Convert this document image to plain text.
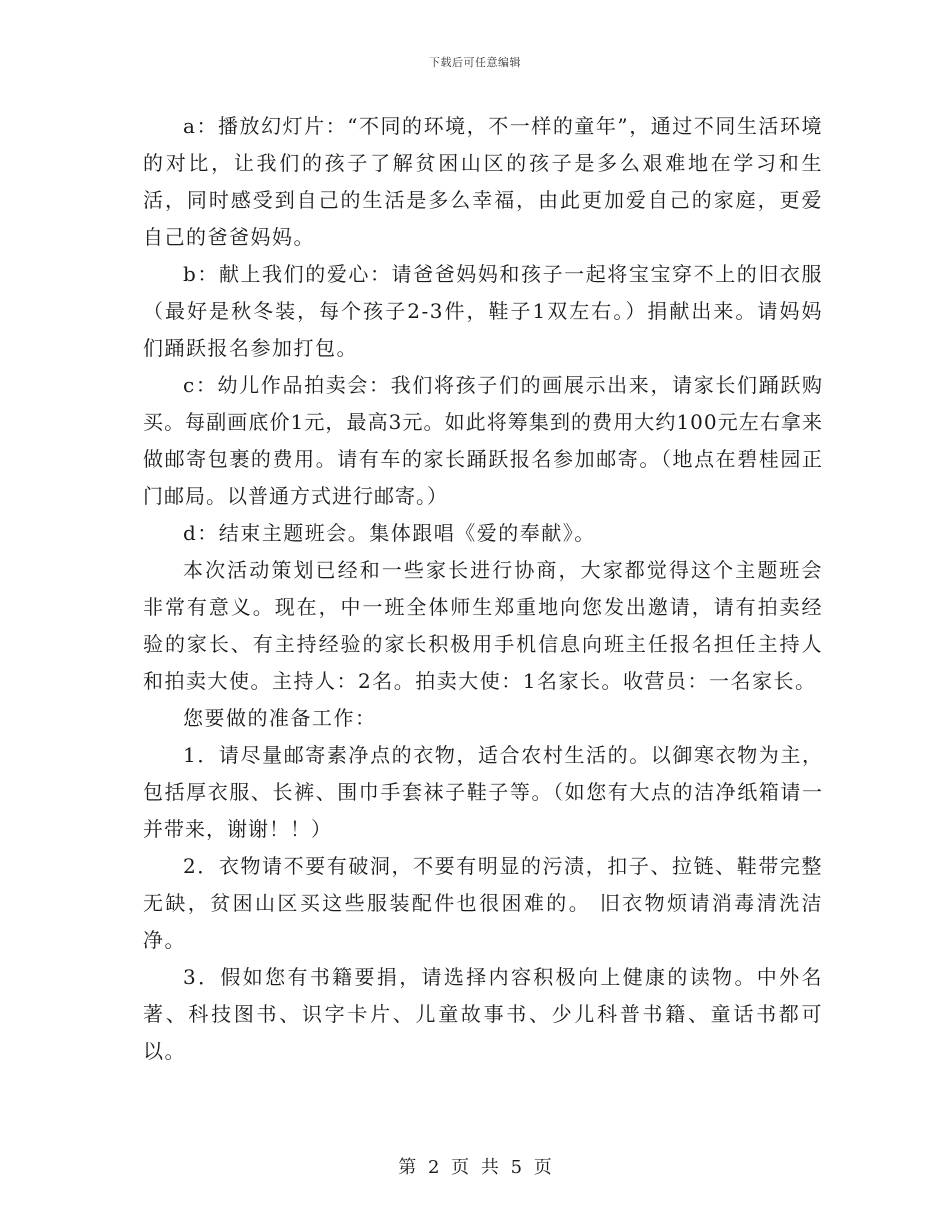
下载后可任意编辑

a：播放幻灯片：“不同的环境，不一样的童年”，通过不同生活环境的对比，让我们的孩子了解贫困山区的孩子是多么艰难地在学习和生活，同时感受到自己的生活是多么幸福，由此更加爱自己的家庭，更爱自己的爸爸妈妈。

b：献上我们的爱心：请爸爸妈妈和孩子一起将宝宝穿不上的旧衣服（最好是秋冬装，每个孩子2-3件，鞋子1双左右。）捐献出来。请妈妈们踊跃报名参加打包。

c：幼儿作品拍卖会：我们将孩子们的画展示出来，请家长们踊跃购买。每副画底价1元，最高3元。如此将筹集到的费用大约100元左右拿来做邮寄包裹的费用。请有车的家长踊跃报名参加邮寄。（地点在碧桂园正门邮局。以普通方式进行邮寄。）

d：结束主题班会。集体跟唱《爱的奉献》。

本次活动策划已经和一些家长进行协商，大家都觉得这个主题班会非常有意义。现在，中一班全体师生郑重地向您发出邀请，请有拍卖经验的家长、有主持经验的家长积极用手机信息向班主任报名担任主持人和拍卖大使。主持人：2名。拍卖大使：1名家长。收营员：一名家长。

您要做的准备工作：

1．请尽量邮寄素净点的衣物，适合农村生活的。以御寒衣物为主，包括厚衣服、长裤、围巾手套袜子鞋子等。（如您有大点的洁净纸箱请一并带来，谢谢！！）

2．衣物请不要有破洞，不要有明显的污渍，扣子、拉链、鞋带完整无缺，贫困山区买这些服装配件也很困难的。 旧衣物烦请消毒清洗洁净。

3．假如您有书籍要捐，请选择内容积极向上健康的读物。中外名著、科技图书、识字卡片、儿童故事书、少儿科普书籍、童话书都可以。

第 2 页 共 5 页
